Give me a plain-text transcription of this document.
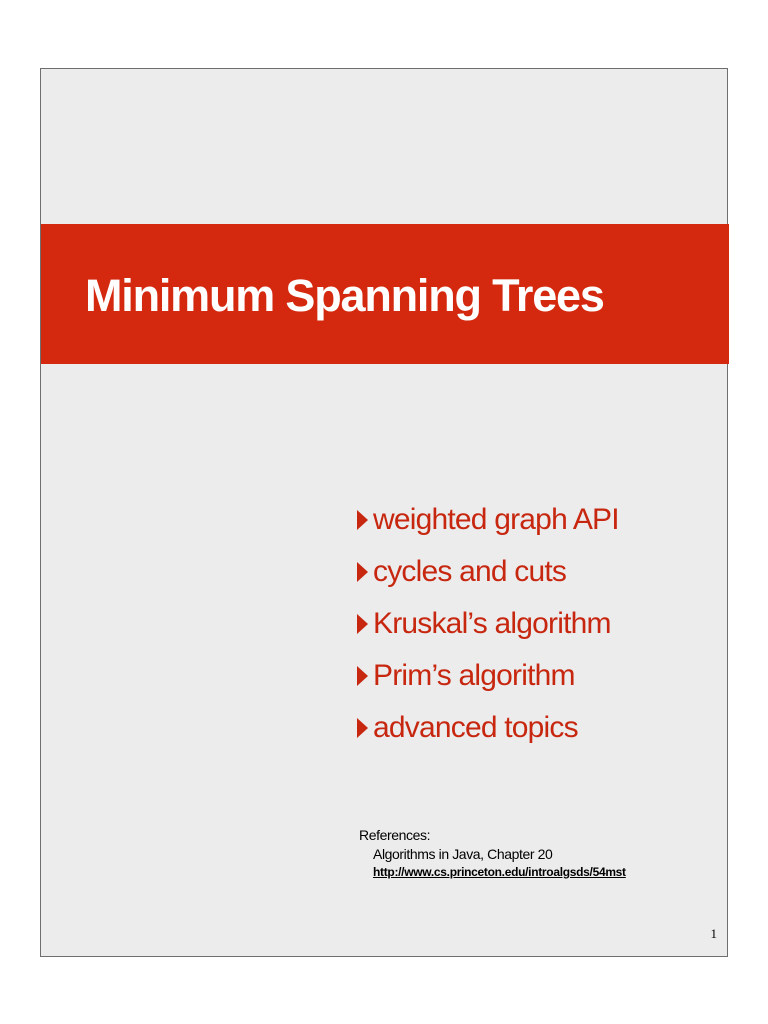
Minimum Spanning Trees
weighted graph API
cycles and cuts
Kruskal’s algorithm
Prim’s algorithm
advanced topics
References:
Algorithms in Java, Chapter 20
http://www.cs.princeton.edu/introalgsds/54mst
1
